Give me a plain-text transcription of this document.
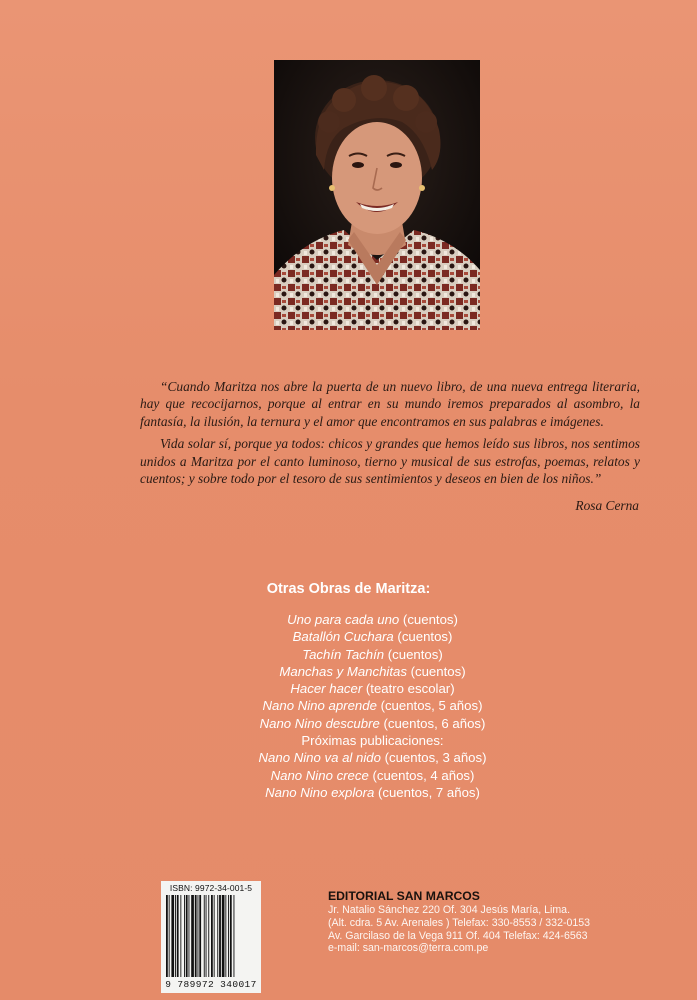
“Cuando Maritza nos abre la puerta de un nuevo libro, de una nueva entrega literaria, hay que recocijarnos, porque al entrar en su mundo iremos preparados al asombro, la fantasía, la ilusión, la ternura y el amor que encontramos en sus palabras e imágenes.

Vida solar sí, porque ya todos: chicos y grandes que hemos leído sus libros, nos sentimos unidos a Maritza por el canto luminoso, tierno y musical de sus estrofas, poemas, relatos y cuentos; y sobre todo por el tesoro de sus sentimientos y deseos en bien de los niños.”

Rosa Cerna
Otras Obras de Maritza:
Uno para cada uno (cuentos)
Batallón Cuchara (cuentos)
Tachín Tachín (cuentos)
Manchas y Manchitas (cuentos)
Hacer hacer (teatro escolar)
Nano Nino aprende (cuentos, 5 años)
Nano Nino descubre (cuentos, 6 años)
Próximas publicaciones:
Nano Nino va al nido (cuentos, 3 años)
Nano Nino crece (cuentos, 4 años)
Nano Nino explora (cuentos, 7 años)
ISBN: 9972-34-001-5
9 789972 340017
EDITORIAL SAN MARCOS
Jr. Natalio Sánchez 220 Of. 304 Jesús María, Lima.
(Alt. cdra. 5 Av. Arenales ) Telefax: 330-8553 / 332-0153
Av. Garcilaso de la Vega 911 Of. 404 Telefax: 424-6563
e-mail: san-marcos@terra.com.pe
